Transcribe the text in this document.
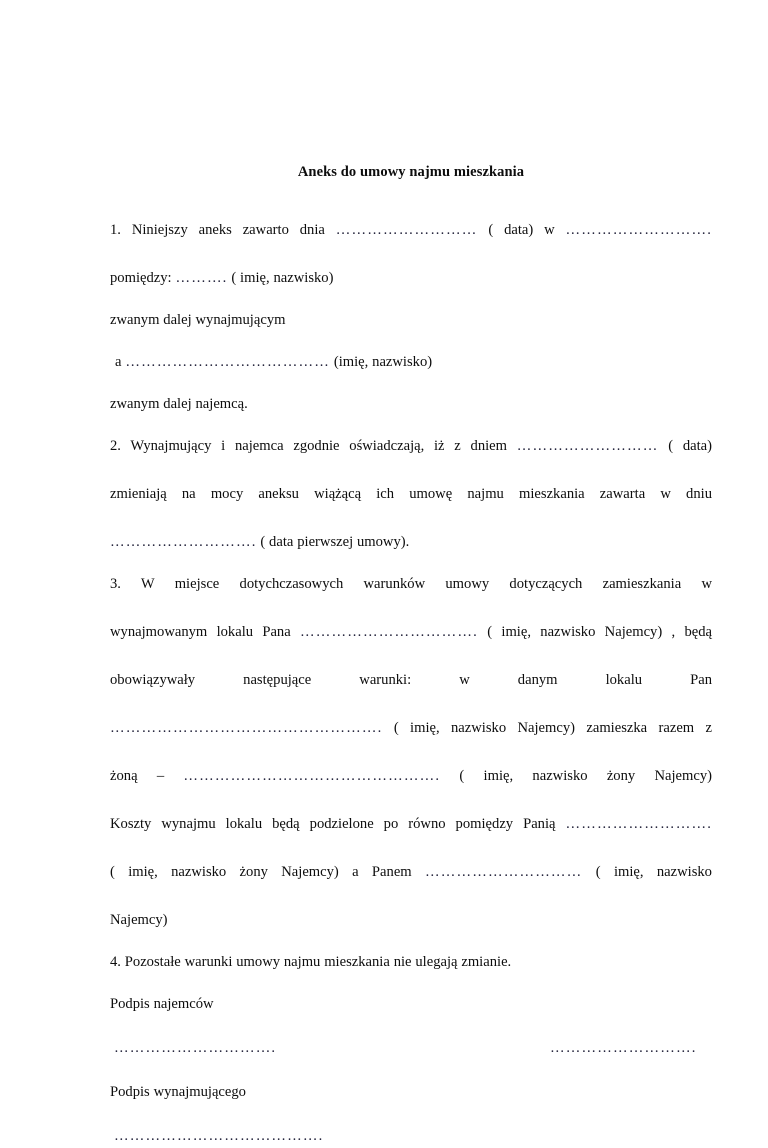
Aneks do umowy najmu mieszkania

1. Niniejszy aneks zawarto dnia ……………………… ( data) w ……………………….

pomiędzy: ………. ( imię, nazwisko)

zwanym dalej wynajmującym

a ………………………………… (imię, nazwisko)

zwanym dalej najemcą.

2. Wynajmujący i najemca zgodnie oświadczają, iż z dniem ……………………… ( data)

zmieniają na mocy aneksu wiążącą ich umowę najmu mieszkania zawarta w dniu

………………………. ( data pierwszej umowy).

3. W miejsce dotychczasowych warunków umowy dotyczących zamieszkania w

wynajmowanym lokalu Pana ……………………………. ( imię, nazwisko Najemcy) , będą

obowiązywały następujące warunki: w danym lokalu Pan

……………………………………………. ( imię, nazwisko Najemcy) zamieszka razem z

żoną – …………………………………………. ( imię, nazwisko żony Najemcy)

Koszty wynajmu lokalu będą podzielone po równo pomiędzy Panią ……………………….

( imię, nazwisko żony Najemcy) a Panem ………………………… ( imię, nazwisko

Najemcy)

4. Pozostałe warunki umowy najmu mieszkania nie ulegają zmianie.

Podpis najemców

………………………….	……………………….

Podpis wynajmującego

………………………………….
